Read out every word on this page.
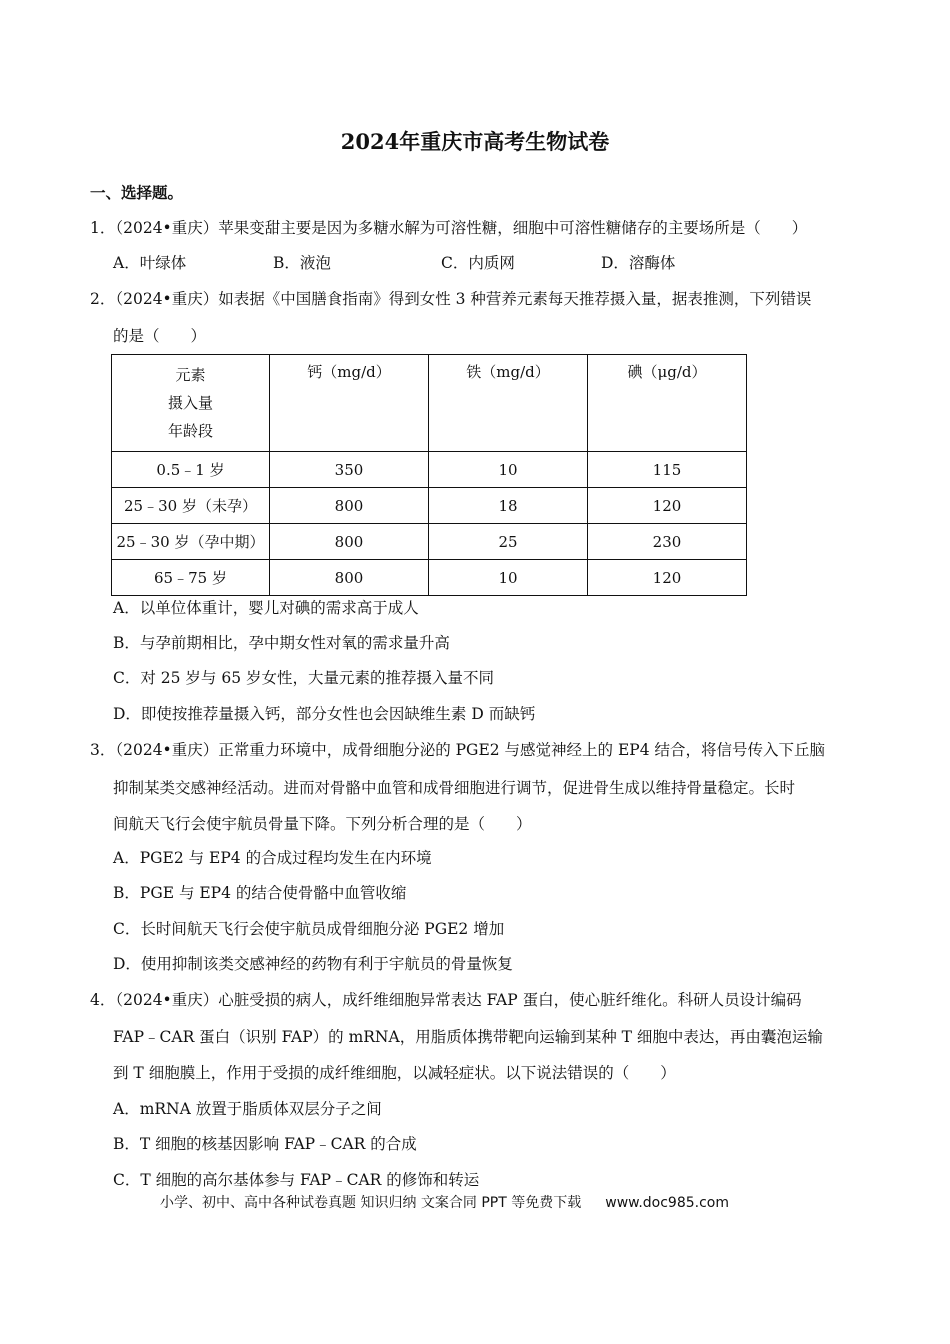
2024年重庆市高考生物试卷
一、选择题。
1．（2024•重庆）苹果变甜主要是因为多糖水解为可溶性糖，细胞中可溶性糖储存的主要场所是（　　）
A．叶绿体	B．液泡	C．内质网	D．溶酶体
2．（2024•重庆）如表据《中国膳食指南》得到女性 3 种营养元素每天推荐摄入量，据表推测，下列错误
的是（　　）
元素
摄入量
年龄段	钙（mg/d）	铁（mg/d）	碘（μg/d）
0.5﹣1 岁	350	10	115
25﹣30 岁（未孕）	800	18	120
25﹣30 岁（孕中期）	800	25	230
65﹣75 岁	800	10	120
A．以单位体重计，婴儿对碘的需求高于成人
B．与孕前期相比，孕中期女性对氧的需求量升高
C．对 25 岁与 65 岁女性，大量元素的推荐摄入量不同
D．即使按推荐量摄入钙，部分女性也会因缺维生素 D 而缺钙
3．（2024•重庆）正常重力环境中，成骨细胞分泌的 PGE2 与感觉神经上的 EP4 结合，将信号传入下丘脑
抑制某类交感神经活动。进而对骨骼中血管和成骨细胞进行调节，促进骨生成以维持骨量稳定。长时
间航天飞行会使宇航员骨量下降。下列分析合理的是（　　）
A．PGE2 与 EP4 的合成过程均发生在内环境
B．PGE 与 EP4 的结合使骨骼中血管收缩
C．长时间航天飞行会使宇航员成骨细胞分泌 PGE2 增加
D．使用抑制该类交感神经的药物有利于宇航员的骨量恢复
4．（2024•重庆）心脏受损的病人，成纤维细胞异常表达 FAP 蛋白，使心脏纤维化。科研人员设计编码
FAP﹣CAR 蛋白（识别 FAP）的 mRNA，用脂质体携带靶向运输到某种 T 细胞中表达，再由囊泡运输
到 T 细胞膜上，作用于受损的成纤维细胞，以减轻症状。以下说法错误的（　　）
A．mRNA 放置于脂质体双层分子之间
B．T 细胞的核基因影响 FAP﹣CAR 的合成
C．T 细胞的高尔基体参与 FAP﹣CAR 的修饰和转运
小学、初中、高中各种试卷真题 知识归纳 文案合同 PPT 等免费下载 www.doc985.com
